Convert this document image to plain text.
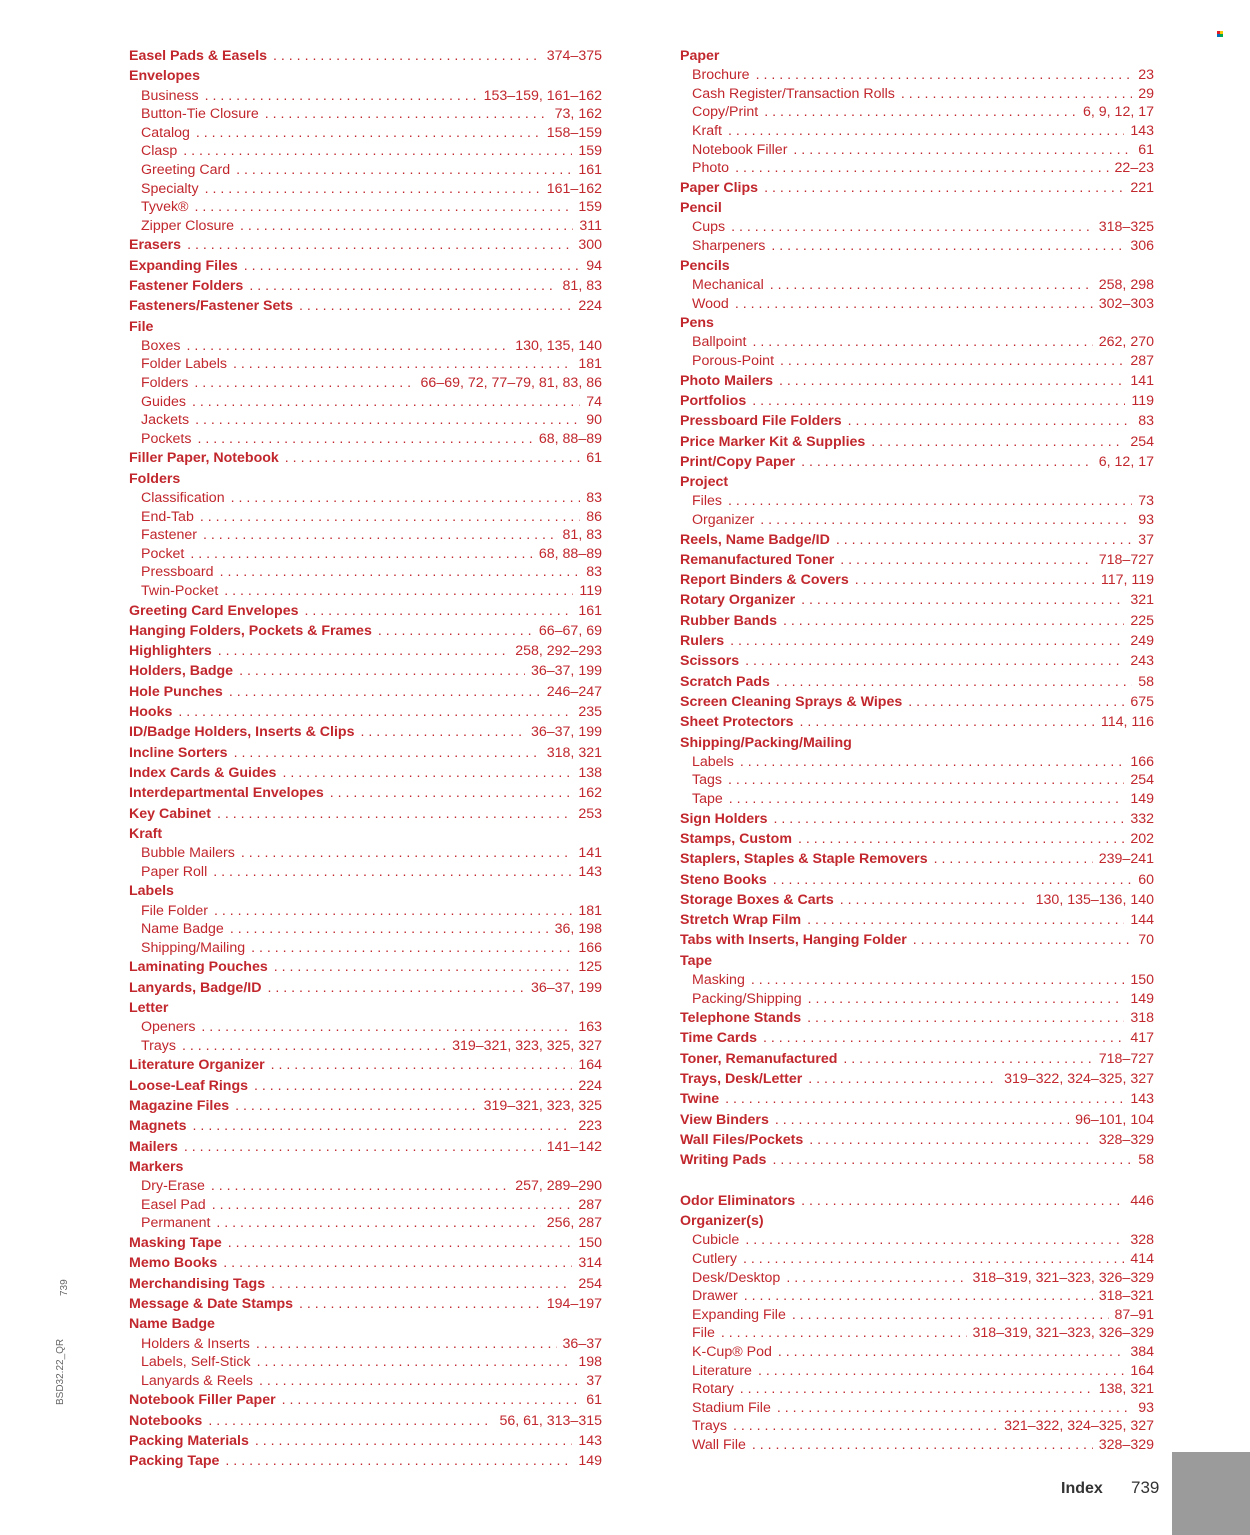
Easel Pads & Easels . . .	374–375
Envelopes
Business . . .	153–159, 161–162
Button-Tie Closure . . .	73, 162
Catalog . . .	158–159
Clasp . . .	159
Greeting Card . . .	161
Specialty . . .	161–162
Tyvek® . . .	159
Zipper Closure . . .	311
Erasers . . .	300
Expanding Files . . .	94
Fastener Folders . . .	81, 83
Fasteners/Fastener Sets . . .	224
File
Boxes . . .	130, 135, 140
Folder Labels . . .	181
Folders . . .	66–69, 72, 77–79, 81, 83, 86
Guides . . .	74
Jackets . . .	90
Pockets . . .	68, 88–89
Filler Paper, Notebook . . .	61
Folders
Classification . . .	83
End-Tab . . .	86
Fastener . . .	81, 83
Pocket . . .	68, 88–89
Pressboard . . .	83
Twin-Pocket . . .	119
Greeting Card Envelopes . . .	161
Hanging Folders, Pockets & Frames . . .	66–67, 69
Highlighters . . .	258, 292–293
Holders, Badge . . .	36–37, 199
Hole Punches . . .	246–247
Hooks . . .	235
ID/Badge Holders, Inserts & Clips . . .	36–37, 199
Incline Sorters . . .	318, 321
Index Cards & Guides . . .	138
Interdepartmental Envelopes . . .	162
Key Cabinet . . .	253
Kraft
Bubble Mailers . . .	141
Paper Roll . . .	143
Labels
File Folder . . .	181
Name Badge . . .	36, 198
Shipping/Mailing . . .	166
Laminating Pouches . . .	125
Lanyards, Badge/ID . . .	36–37, 199
Letter
Openers . . .	163
Trays . . .	319–321, 323, 325, 327
Literature Organizer . . .	164
Loose-Leaf Rings . . .	224
Magazine Files . . .	319–321, 323, 325
Magnets . . .	223
Mailers . . .	141–142
Markers
Dry-Erase . . .	257, 289–290
Easel Pad . . .	287
Permanent . . .	256, 287
Masking Tape . . .	150
Memo Books . . .	314
Merchandising Tags . . .	254
Message & Date Stamps . . .	194–197
Name Badge
Holders & Inserts . . .	36–37
Labels, Self-Stick . . .	198
Lanyards & Reels . . .	37
Notebook Filler Paper . . .	61
Notebooks . . .	56, 61, 313–315
Packing Materials . . .	143
Packing Tape . . .	149
Paper
Brochure . . .	23
Cash Register/Transaction Rolls . . .	29
Copy/Print . . .	6, 9, 12, 17
Kraft . . .	143
Notebook Filler . . .	61
Photo . . .	22–23
Paper Clips . . .	221
Pencil
Cups . . .	318–325
Sharpeners . . .	306
Pencils
Mechanical . . .	258, 298
Wood . . .	302–303
Pens
Ballpoint . . .	262, 270
Porous-Point . . .	287
Photo Mailers . . .	141
Portfolios . . .	119
Pressboard File Folders . . .	83
Price Marker Kit & Supplies . . .	254
Print/Copy Paper . . .	6, 12, 17
Project
Files . . .	73
Organizer . . .	93
Reels, Name Badge/ID . . .	37
Remanufactured Toner . . .	718–727
Report Binders & Covers . . .	117, 119
Rotary Organizer . . .	321
Rubber Bands . . .	225
Rulers . . .	249
Scissors . . .	243
Scratch Pads . . .	58
Screen Cleaning Sprays & Wipes . . .	675
Sheet Protectors . . .	114, 116
Shipping/Packing/Mailing
Labels . . .	166
Tags . . .	254
Tape . . .	149
Sign Holders . . .	332
Stamps, Custom . . .	202
Staplers, Staples & Staple Removers . . .	239–241
Steno Books . . .	60
Storage Boxes & Carts . . .	130, 135–136, 140
Stretch Wrap Film . . .	144
Tabs with Inserts, Hanging Folder . . .	70
Tape
Masking . . .	150
Packing/Shipping . . .	149
Telephone Stands . . .	318
Time Cards . . .	417
Toner, Remanufactured . . .	718–727
Trays, Desk/Letter . . .	319–322, 324–325, 327
Twine . . .	143
View Binders . . .	96–101, 104
Wall Files/Pockets . . .	328–329
Writing Pads . . .	58
Odor Eliminators . . .	446
Organizer(s)
Cubicle . . .	328
Cutlery . . .	414
Desk/Desktop . . .	318–319, 321–323, 326–329
Drawer . . .	318–321
Expanding File . . .	87–91
File . . .	318–319, 321–323, 326–329
K-Cup® Pod . . .	384
Literature . . .	164
Rotary . . .	138, 321
Stadium File . . .	93
Trays . . .	321–322, 324–325, 327
Wall File . . .	328–329
BSD32.22_QR
739
Index 739
